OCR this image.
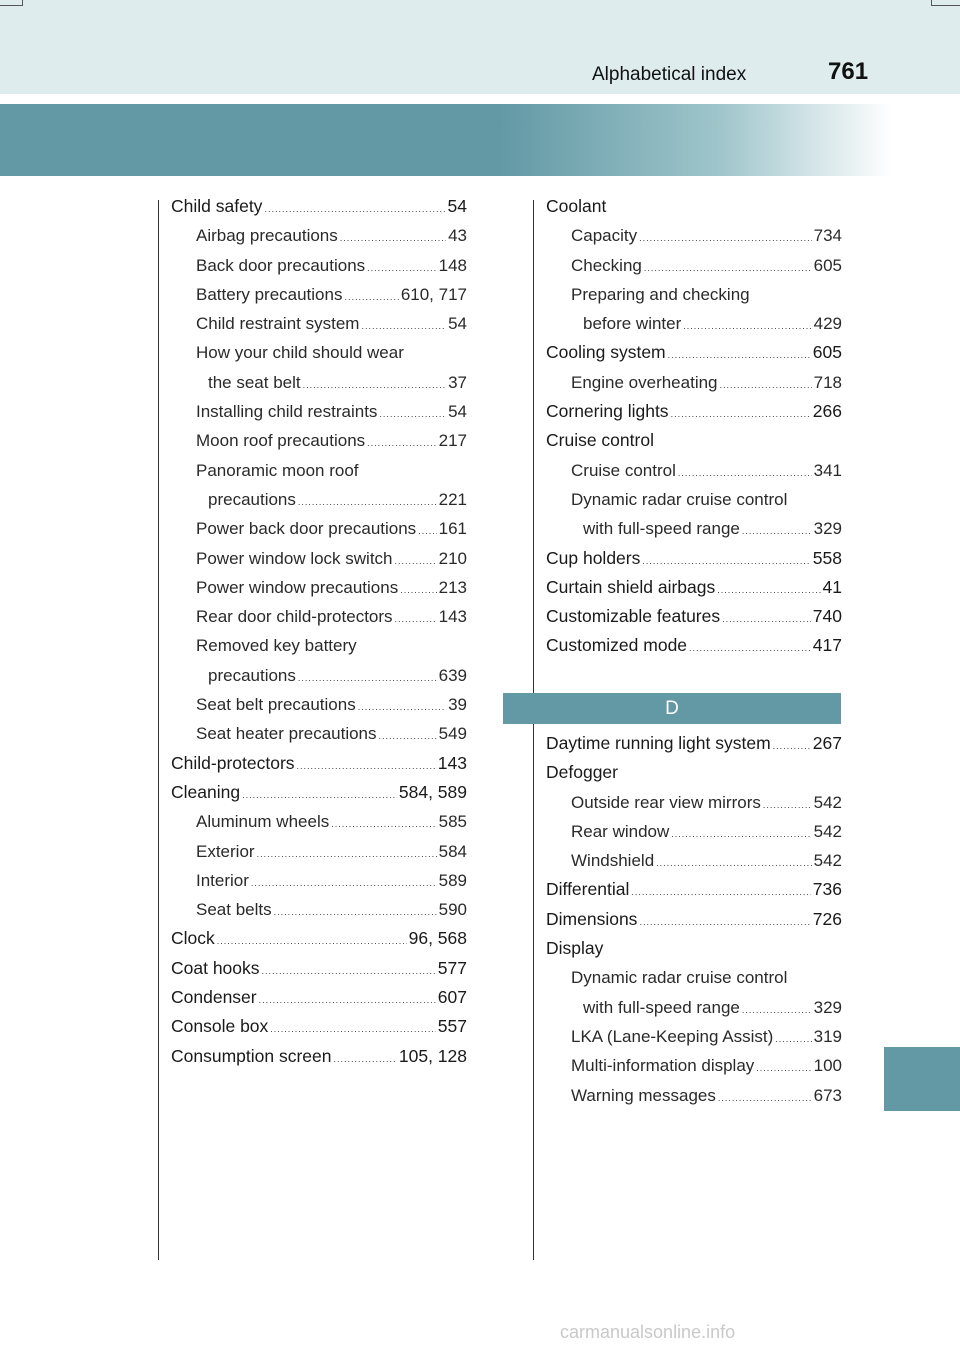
Alphabetical index	761
Child safety .....	54
Airbag precautions .....	43
Back door precautions .....	148
Battery precautions .....	610, 717
Child restraint system .....	54
How your child should wear
the seat belt .....	37
Installing child restraints .....	54
Moon roof precautions .....	217
Panoramic moon roof
precautions .....	221
Power back door precautions ..... 161
Power window lock switch .....	210
Power window precautions ..... 213
Rear door child-protectors .....	143
Removed key battery
precautions .....	639
Seat belt precautions .....	39
Seat heater precautions .....	549
Child-protectors .....	143
Cleaning .....	584, 589
Aluminum wheels .....	585
Exterior .....	584
Interior .....	589
Seat belts .....	590
Clock .....	96, 568
Coat hooks .....	577
Condenser .....	607
Console box .....	557
Consumption screen .....	105, 128
Coolant
Capacity .....	734
Checking .....	605
Preparing and checking
before winter .....	429
Cooling system .....	605
Engine overheating .....	718
Cornering lights .....	266
Cruise control
Cruise control .....	341
Dynamic radar cruise control
with full-speed range .....	329
Cup holders .....	558
Curtain shield airbags .....	41
Customizable features .....	740
Customized mode .....	417
D
Daytime running light system ..... 267
Defogger
Outside rear view mirrors .....	542
Rear window .....	542
Windshield .....	542
Differential .....	736
Dimensions .....	726
Display
Dynamic radar cruise control
with full-speed range .....	329
LKA (Lane-Keeping Assist) ..... 319
Multi-information display .....	100
Warning messages .....	673
carmanualsonline.info
